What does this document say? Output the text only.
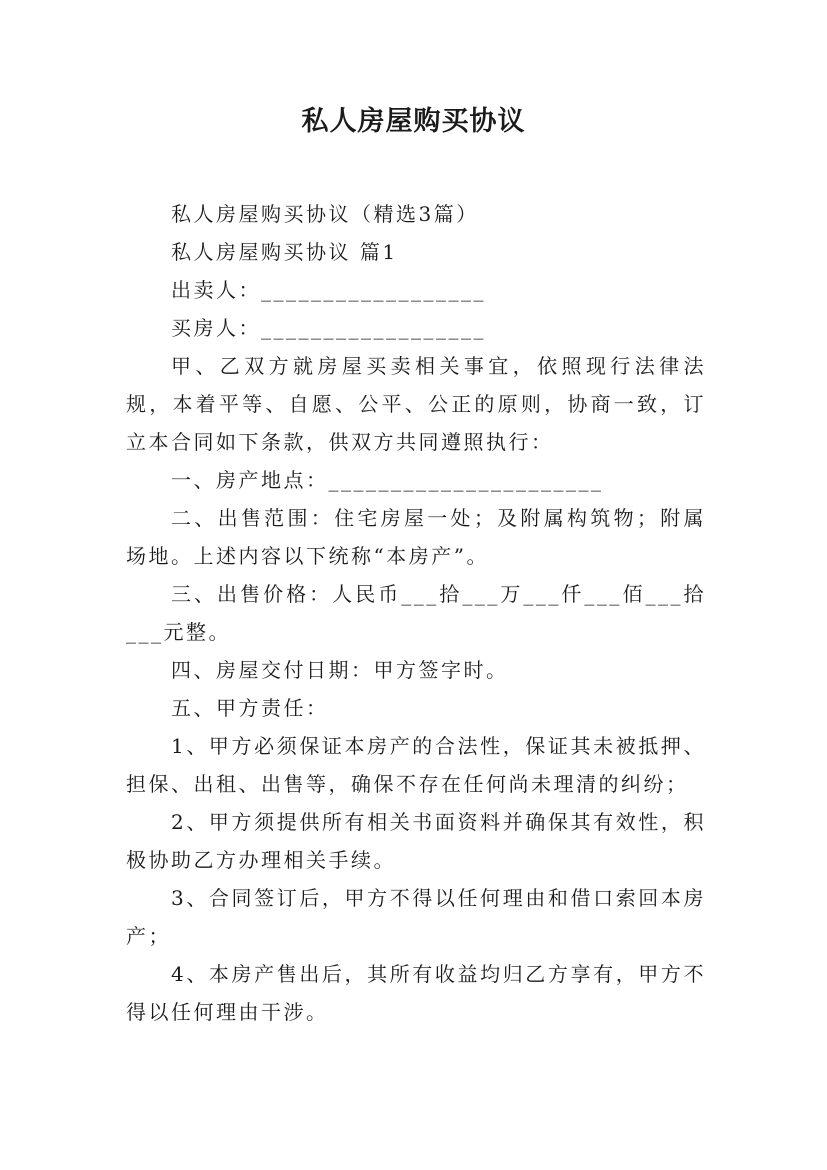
私人房屋购买协议

私人房屋购买协议（精选3篇）

私人房屋购买协议 篇1

出卖人：__________________

买房人：__________________

甲、乙双方就房屋买卖相关事宜，依照现行法律法规，本着平等、自愿、公平、公正的原则，协商一致，订立本合同如下条款，供双方共同遵照执行：

一、房产地点：______________________

二、出售范围：住宅房屋一处；及附属构筑物；附属场地。上述内容以下统称“本房产”。

三、出售价格：人民币___拾___万___仟___佰___拾___元整。

四、房屋交付日期：甲方签字时。

五、甲方责任：

1、甲方必须保证本房产的合法性，保证其未被抵押、担保、出租、出售等，确保不存在任何尚未理清的纠纷；

2、甲方须提供所有相关书面资料并确保其有效性，积极协助乙方办理相关手续。

3、合同签订后，甲方不得以任何理由和借口索回本房产；

4、本房产售出后，其所有收益均归乙方享有，甲方不得以任何理由干涉。
